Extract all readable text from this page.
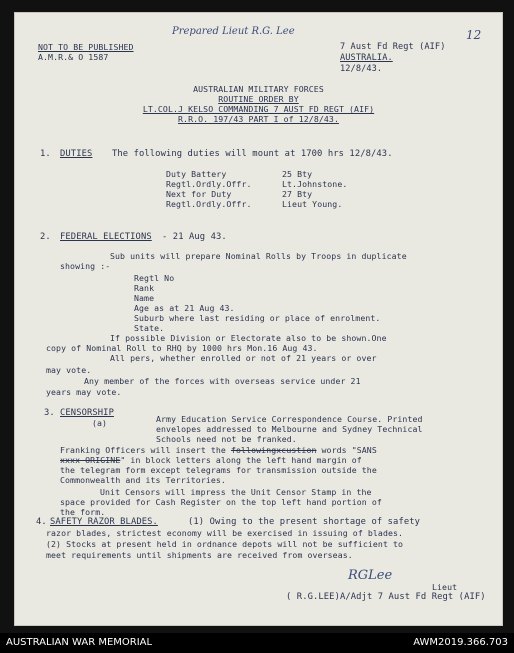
12
NOT TO BE PUBLISHED
A.M.R.& O 1587
Prepared Lieut R.G. Lee
7 Aust Fd Regt (AIF)
AUSTRALIA.
12/8/43.
AUSTRALIAN MILITARY FORCES
ROUTINE ORDER BY
LT.COL.J KELSO COMMANDING 7 AUST FD REGT (AIF)
R.R.O. 197/43 PART I of 12/8/43.
1. DUTIES The following duties will mount at 1700 hrs 12/8/43.
Duty Battery	25 Bty
Regtl.Ordly.Offr.	Lt.Johnstone.
Next for Duty	27 Bty
Regtl.Ordly.Offr.	Lieut Young.
2. FEDERAL ELECTIONS - 21 Aug 43.
Sub units will prepare Nominal Rolls by Troops in duplicate
showing :-
Regtl No
Rank
Name
Age as at 21 Aug 43.
Suburb where last residing or place of enrolment.
State.
If possible Division or Electorate also to be shown.One
copy of Nominal Roll to RHQ by 1000 hrs Mon.16 Aug 43.
All pers, whether enrolled or not of 21 years or over
may vote.
Any member of the forces with overseas service under 21
years may vote.
3. CENSORSHIP
(a)	Army Education Service Correspondence Course. Printed
envelopes addressed to Melbourne and Sydney Technical
Schools need not be franked.
Franking Officers will insert the followingxcustion words "SANS
xxxx ORIGINE" in block letters along the left hand margin of
the telegram form except telegrams for transmission outside the
Commonwealth and its Territories.
Unit Censors will impress the Unit Censor Stamp in the
space provided for Cash Register on the top left hand portion of
the form.
4. SAFETY RAZOR BLADES.	(1) Owing to the present shortage of safety
razor blades, strictest economy will be exercised in issuing of blades.
(2) Stocks at present held in ordnance depots will not be sufficient to
meet requirements until shipments are received from overseas.
RGLee
Lieut
( R.G.LEE)A/Adjt 7 Aust Fd Regt (AIF)
AUSTRALIAN WAR MEMORIAL	AWM2019.366.703
